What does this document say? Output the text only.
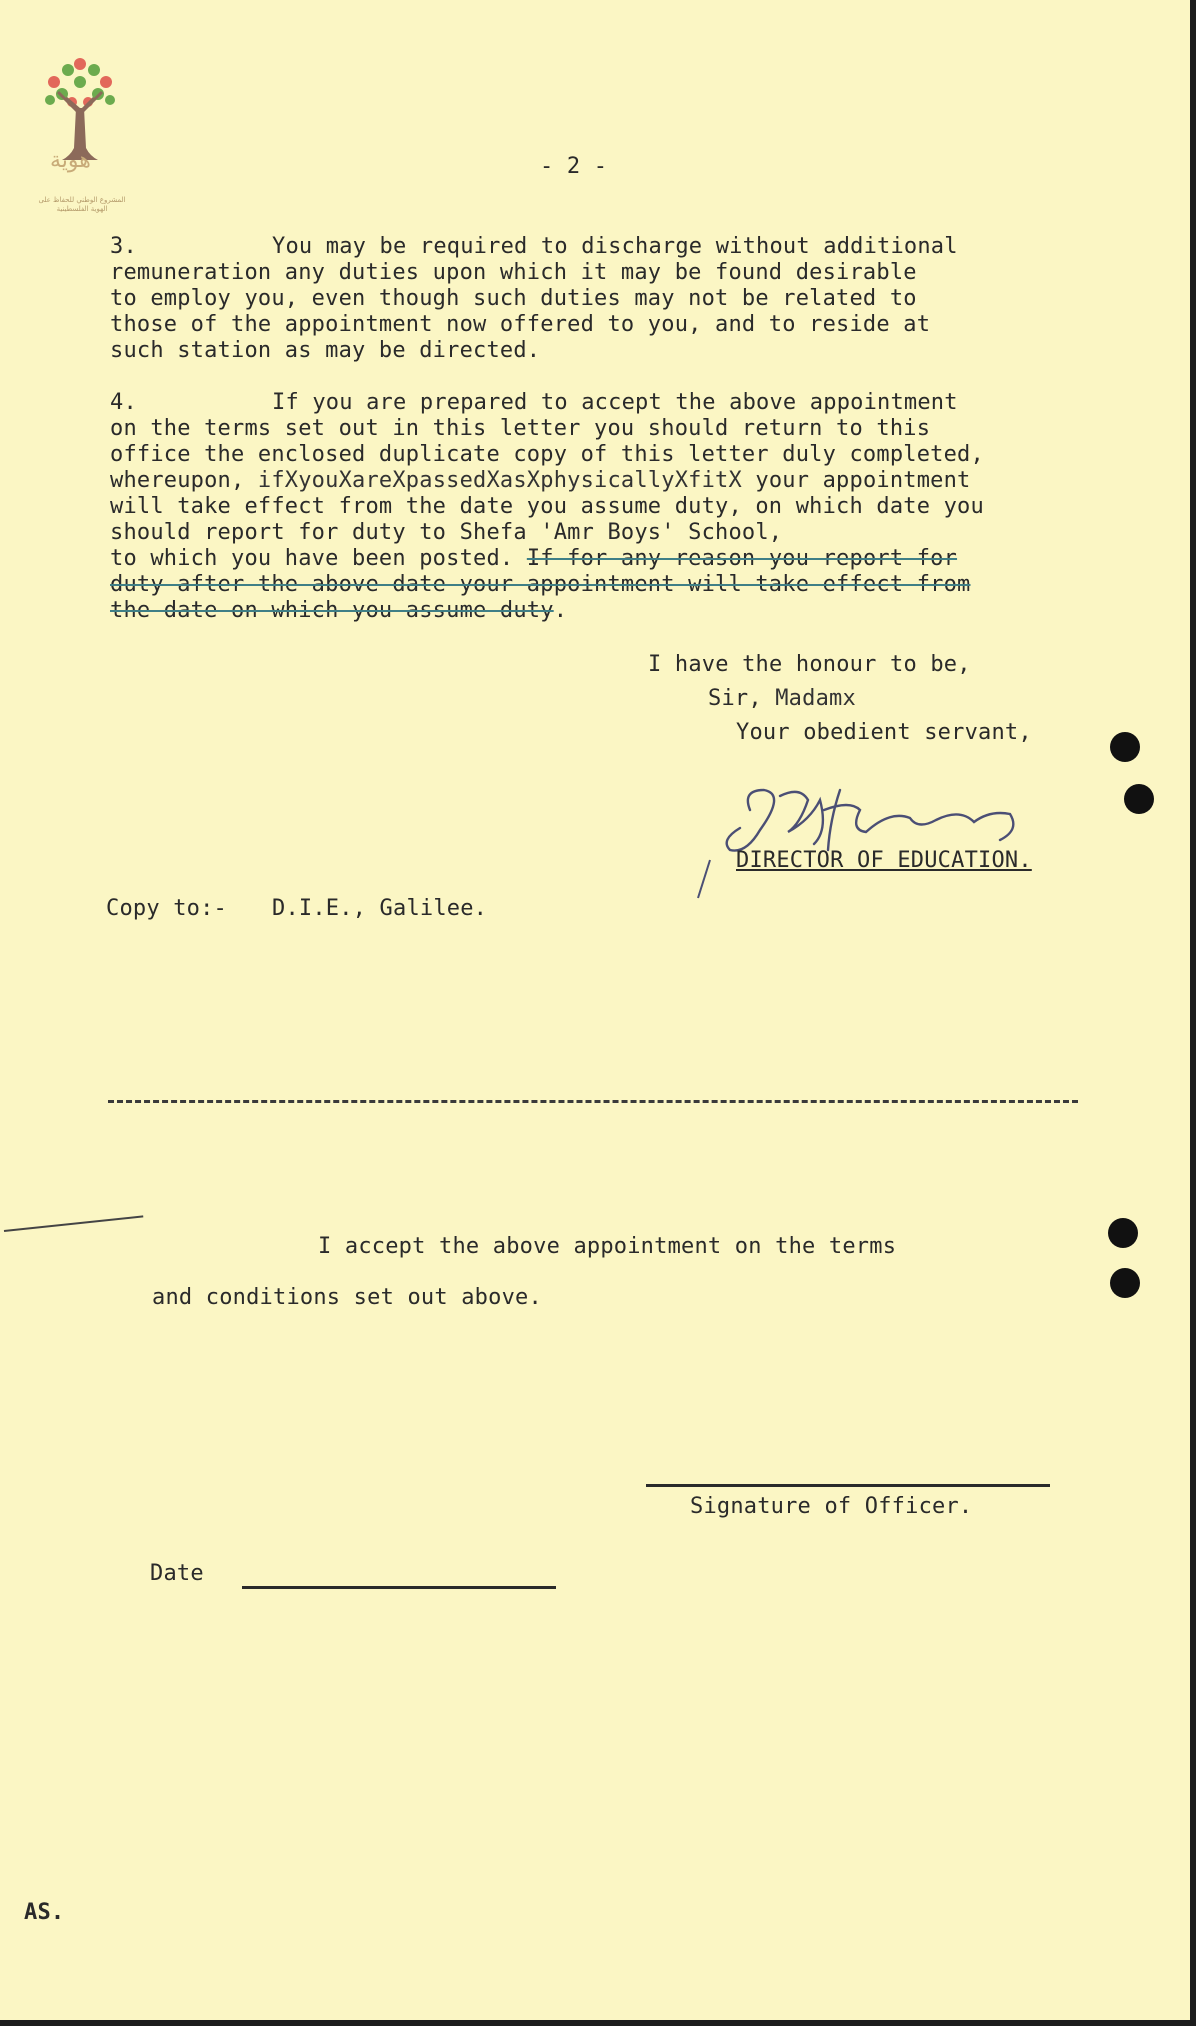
هوية
المشروع الوطني للحفاظ على الهوية الفلسطينية
- 2 -
3.	You may be required to discharge without additional
remuneration any duties upon which it may be found desirable
to employ you, even though such duties may not be related to
those of the appointment now offered to you, and to reside at
such station as may be directed.
4.	If you are prepared to accept the above appointment
on the terms set out in this letter you should return to this
office the enclosed duplicate copy of this letter duly completed,
whereupon, ifXyouXareXpassedXasXphysicallyXfitX your appointment
will take effect from the date you assume duty, on which date you
should report for duty to Shefa 'Amr Boys' School,
to which you have been posted. If for any reason you report for
duty after the above date your appointment will take effect from
the date on which you assume duty.
I have the honour to be,
Sir, Madamx
Your obedient servant,
DIRECTOR OF EDUCATION.
Copy to:- D.I.E., Galilee.
I accept the above appointment on the terms
and conditions set out above.
Signature of Officer.
Date
AS.
